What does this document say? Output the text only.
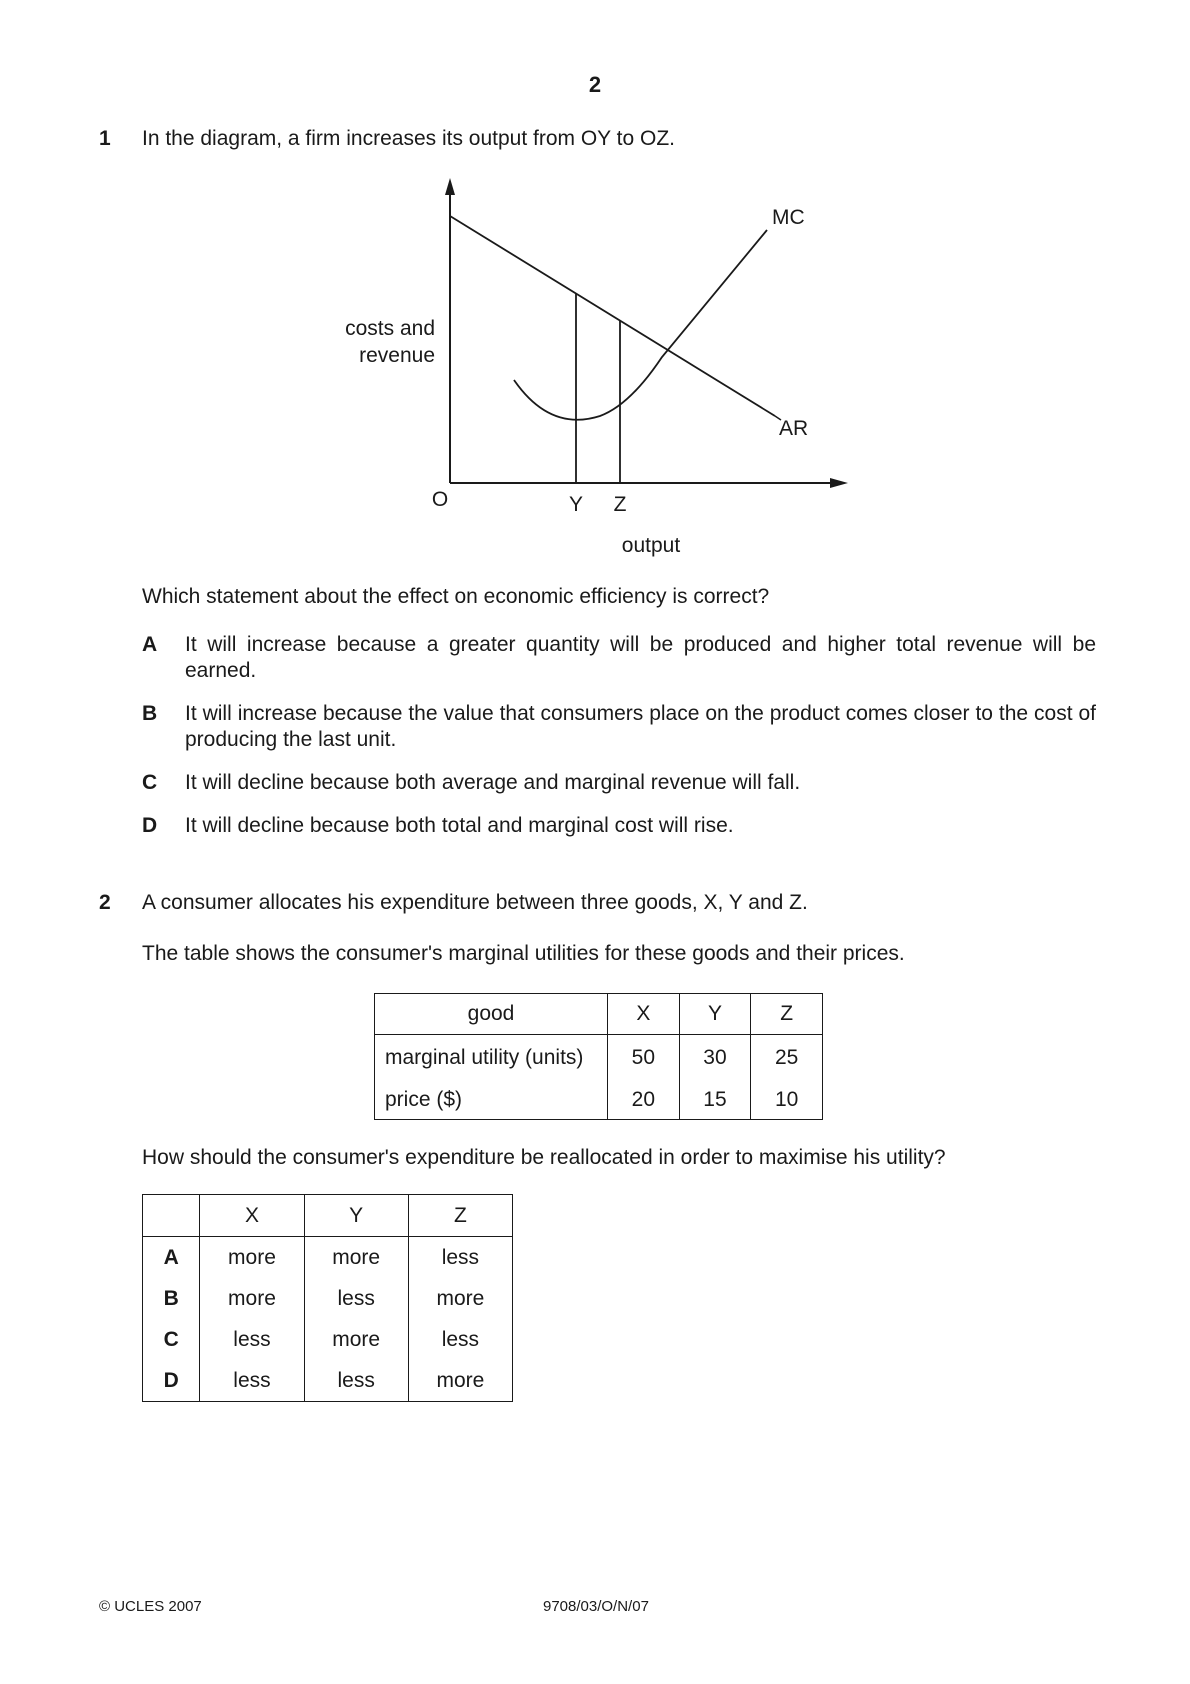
2
1 In the diagram, a firm increases its output from OY to OZ.
costs and
revenue
MC
AR
O	Y Z
output
Which statement about the effect on economic efficiency is correct?
A It will increase because a greater quantity will be produced and higher total revenue will be earned.
B It will increase because the value that consumers place on the product comes closer to the cost of producing the last unit.
C It will decline because both average and marginal revenue will fall.
D It will decline because both total and marginal cost will rise.
2 A consumer allocates his expenditure between three goods, X, Y and Z.
The table shows the consumer's marginal utilities for these goods and their prices.
good	X	Y	Z
marginal utility (units)	50	30	25
price ($)	20	15	10
How should the consumer's expenditure be reallocated in order to maximise his utility?
	X	Y	Z
A	more	more	less
B	more	less	more
C	less	more	less
D	less	less	more
© UCLES 2007	9708/03/O/N/07
